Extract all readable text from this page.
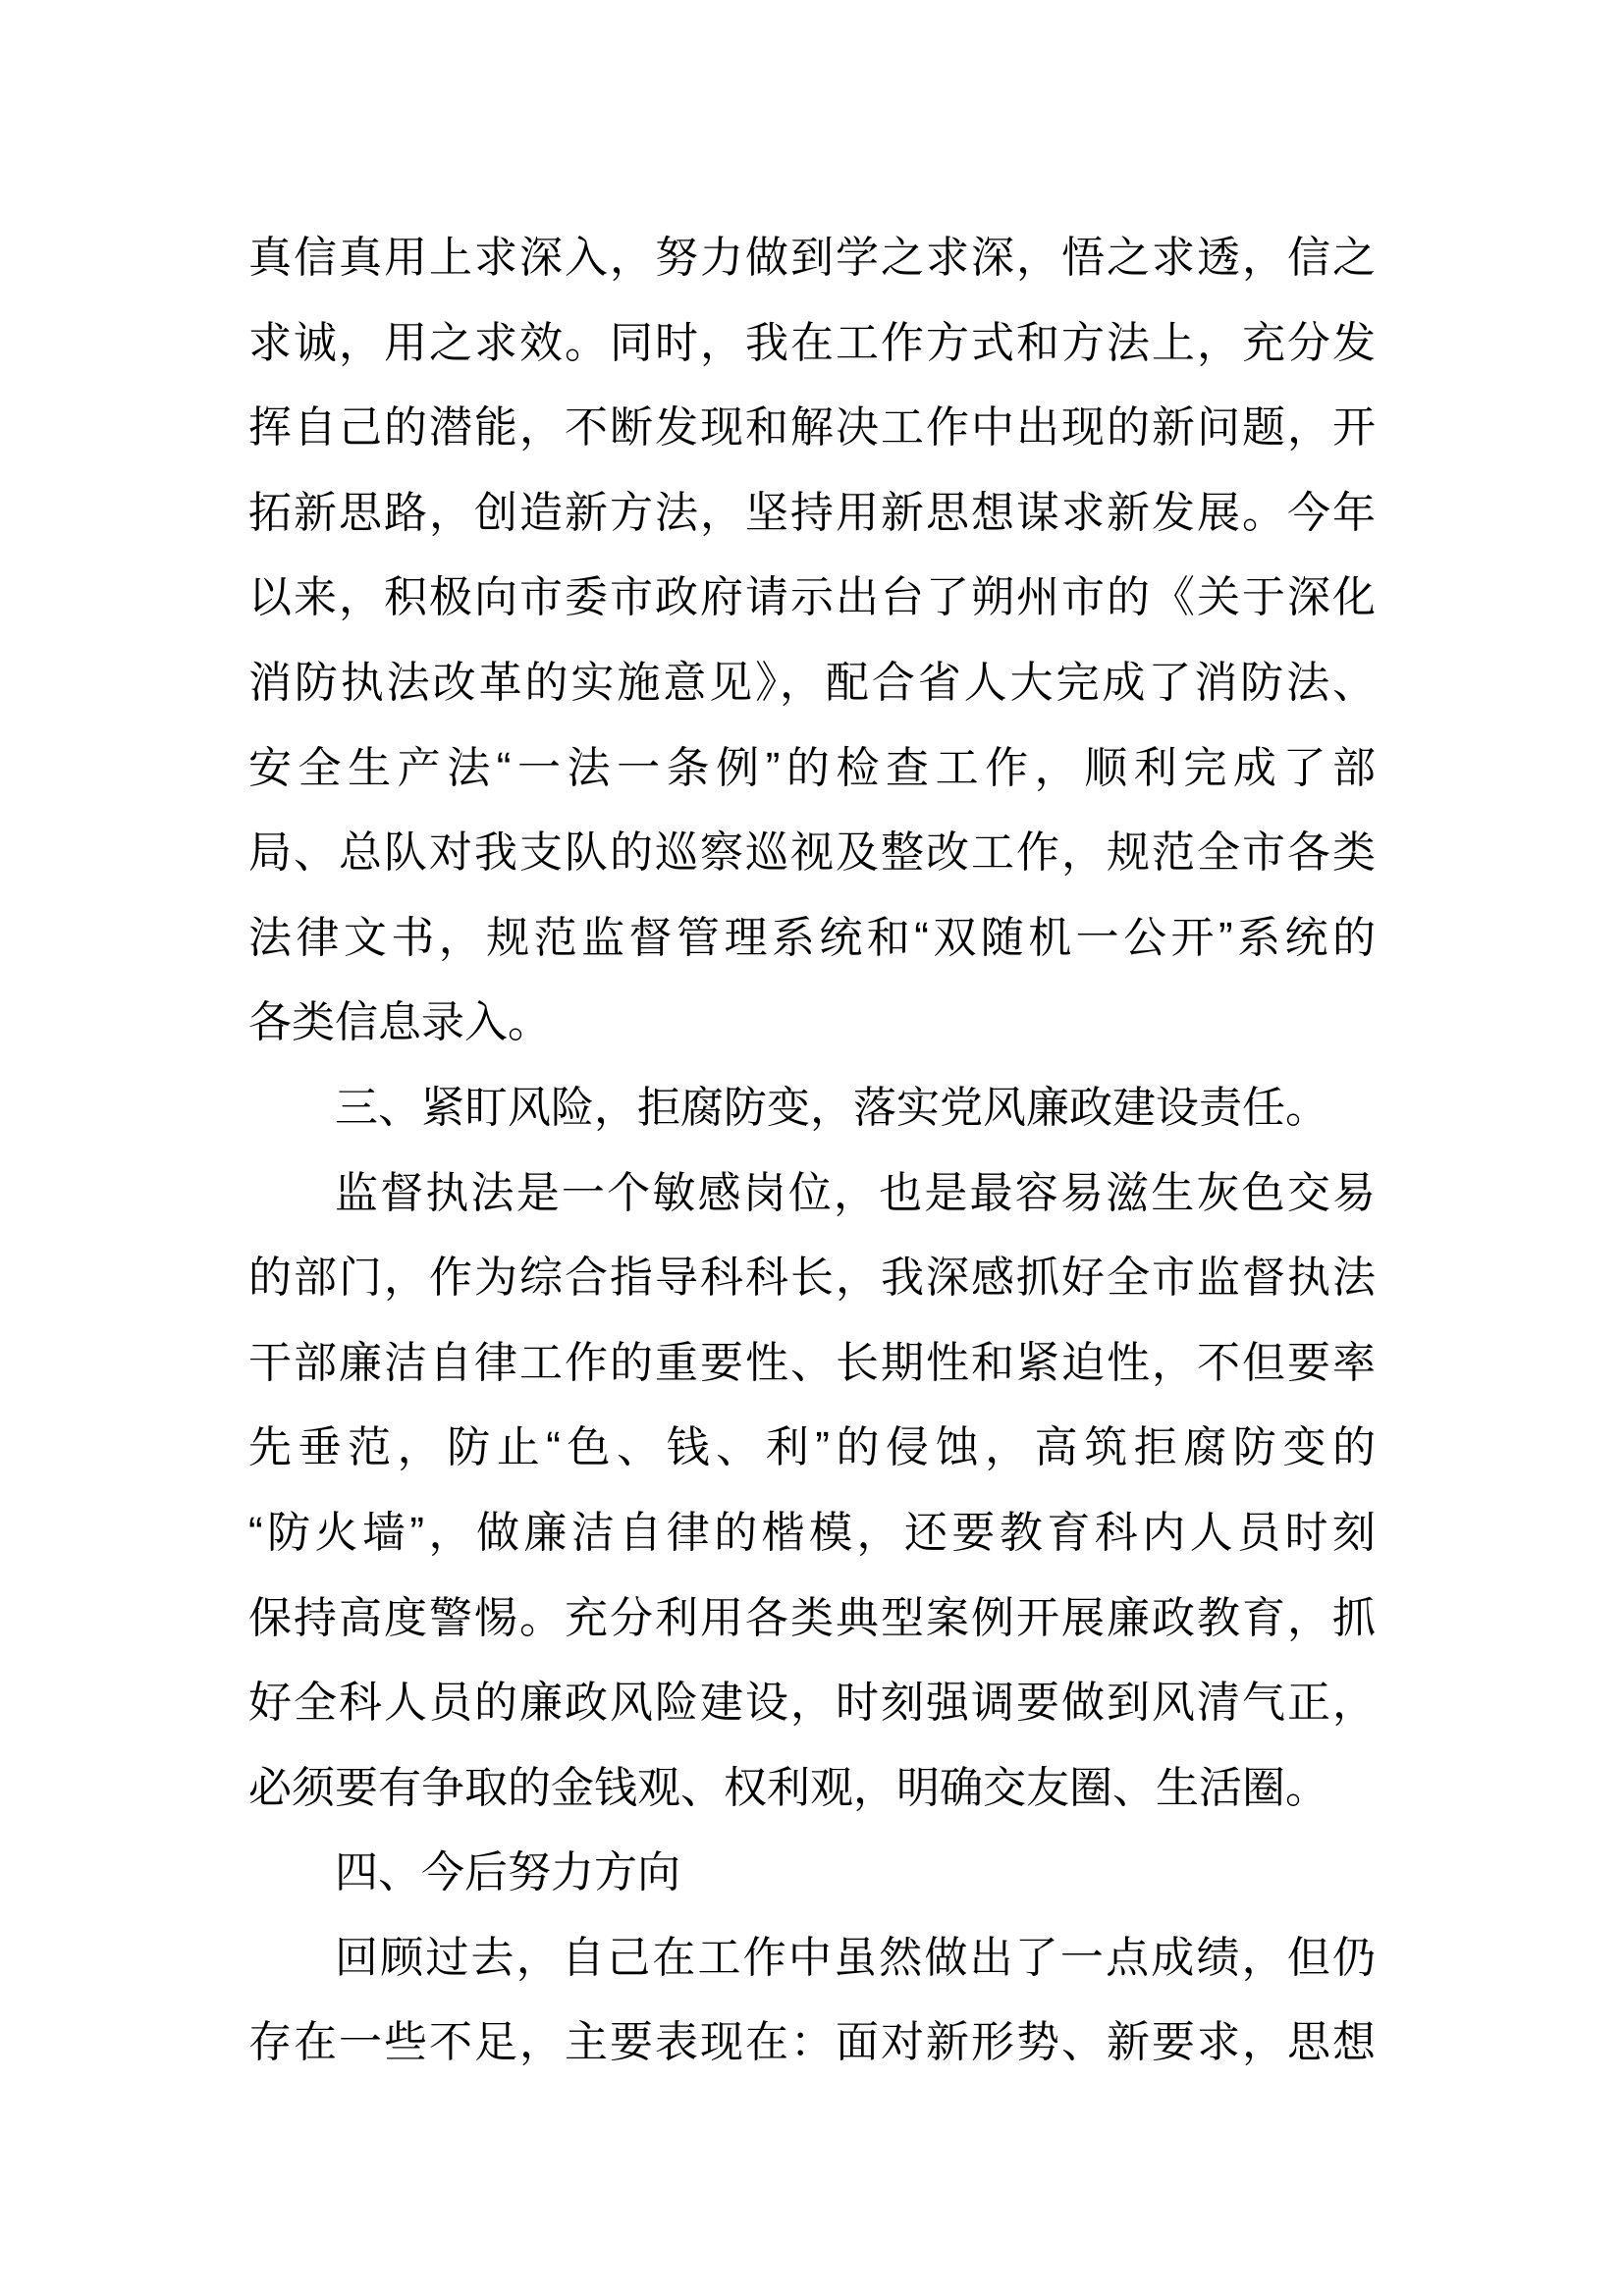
真信真用上求深入，努力做到学之求深，悟之求透，信之
求诚，用之求效。同时，我在工作方式和方法上，充分发
挥自己的潜能，不断发现和解决工作中出现的新问题，开
拓新思路，创造新方法，坚持用新思想谋求新发展。今年
以来，积极向市委市政府请示出台了朔州市的《关于深化
消防执法改革的实施意见》，配合省人大完成了消防法、
安全生产法“一法一条例”的检查工作，顺利完成了部
局、总队对我支队的巡察巡视及整改工作，规范全市各类
法律文书，规范监督管理系统和“双随机一公开”系统的
各类信息录入。
三、紧盯风险，拒腐防变，落实党风廉政建设责任。
监督执法是一个敏感岗位，也是最容易滋生灰色交易
的部门，作为综合指导科科长，我深感抓好全市监督执法
干部廉洁自律工作的重要性、长期性和紧迫性，不但要率
先垂范，防止“色、钱、利”的侵蚀，高筑拒腐防变的
“防火墙”，做廉洁自律的楷模，还要教育科内人员时刻
保持高度警惕。充分利用各类典型案例开展廉政教育，抓
好全科人员的廉政风险建设，时刻强调要做到风清气正，
必须要有争取的金钱观、权利观，明确交友圈、生活圈。
四、今后努力方向
回顾过去，自己在工作中虽然做出了一点成绩，但仍
存在一些不足，主要表现在：面对新形势、新要求，思想
